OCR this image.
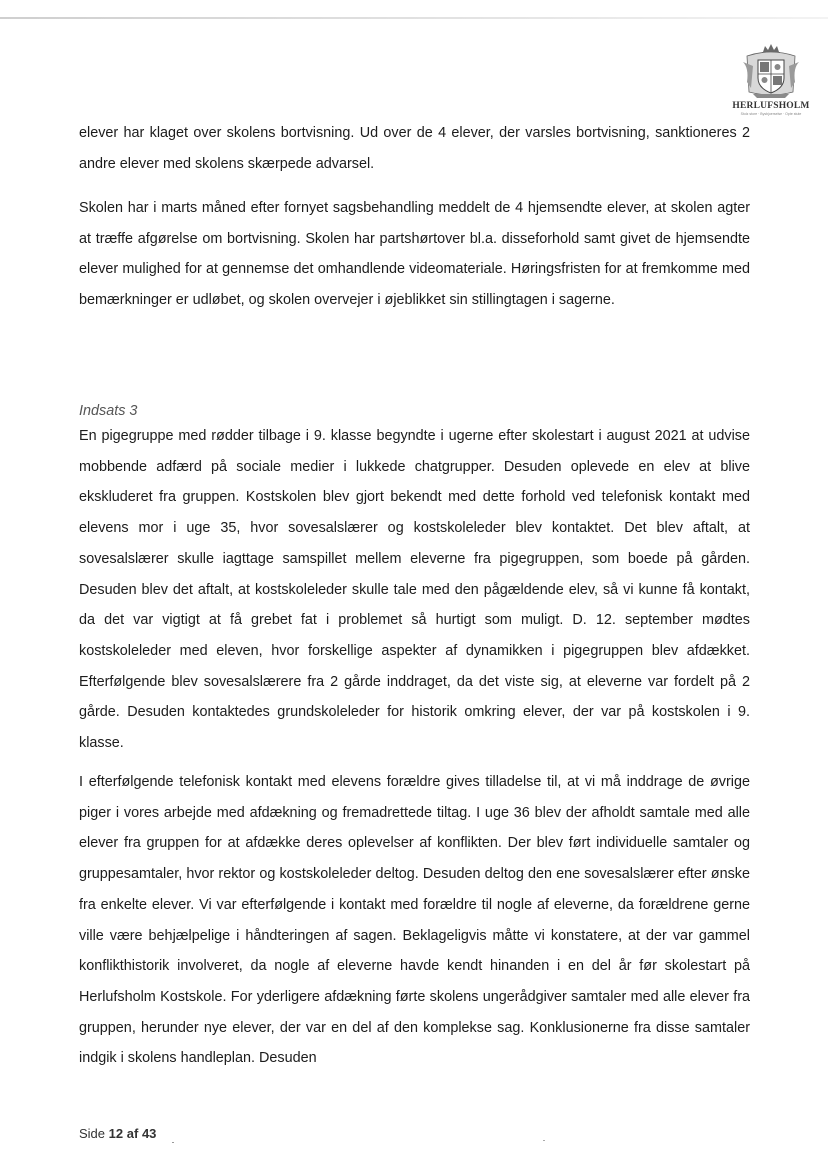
HERLUFSHOLM
Stolz store · Bysbjoerselse · Opte stute

elever har klaget over skolens bortvisning. Ud over de 4 elever, der varsles bortvisning, sanktioneres 2 andre elever med skolens skærpede advarsel.

Skolen har i marts måned efter fornyet sagsbehandling meddelt de 4 hjemsendte elever, at skolen agter at træffe afgørelse om bortvisning. Skolen har partshørtover bl.a. disseforhold samt givet de hjemsendte elever mulighed for at gennemse det omhandlende videomateriale. Høringsfristen for at fremkomme med bemærkninger er udløbet, og skolen overvejer i øjeblikket sin stillingtagen i sagerne.

Indsats 3

En pigegruppe med rødder tilbage i 9. klasse begyndte i ugerne efter skolestart i august 2021 at udvise mobbende adfærd på sociale medier i lukkede chatgrupper. Desuden oplevede en elev at blive ekskluderet fra gruppen. Kostskolen blev gjort bekendt med dette forhold ved telefonisk kontakt med elevens mor i uge 35, hvor sovesalslærer og kostskoleleder blev kontaktet. Det blev aftalt, at sovesalslærer skulle iagttage samspillet mellem eleverne fra pigegruppen, som boede på gården. Desuden blev det aftalt, at kostskoleleder skulle tale med den pågældende elev, så vi kunne få kontakt, da det var vigtigt at få grebet fat i problemet så hurtigt som muligt. D. 12. september mødtes kostskoleleder med eleven, hvor forskellige aspekter af dynamikken i pigegruppen blev afdækket. Efterfølgende blev sovesalslærere fra 2 gårde inddraget, da det viste sig, at eleverne var fordelt på 2 gårde. Desuden kontaktedes grundskoleleder for historik omkring elever, der var på kostskolen i 9. klasse.

I efterfølgende telefonisk kontakt med elevens forældre gives tilladelse til, at vi må inddrage de øvrige piger i vores arbejde med afdækning og fremadrettede tiltag. I uge 36 blev der afholdt samtale med alle elever fra gruppen for at afdække deres oplevelser af konflikten. Der blev ført individuelle samtaler og gruppesamtaler, hvor rektor og kostskoleleder deltog. Desuden deltog den ene sovesalslærer efter ønske fra enkelte elever. Vi var efterfølgende i kontakt med forældre til nogle af eleverne, da forældrene gerne ville være behjælpelige i håndteringen af sagen. Beklageligvis måtte vi konstatere, at der var gammel konflikthistorik involveret, da nogle af eleverne havde kendt hinanden i en del år før skolestart på Herlufsholm Kostskole. For yderligere afdækning førte skolens ungerådgiver samtaler med alle elever fra gruppen, herunder nye elever, der var en del af den komplekse sag. Konklusionerne fra disse samtaler indgik i skolens handleplan. Desuden

Side 12 af 43
